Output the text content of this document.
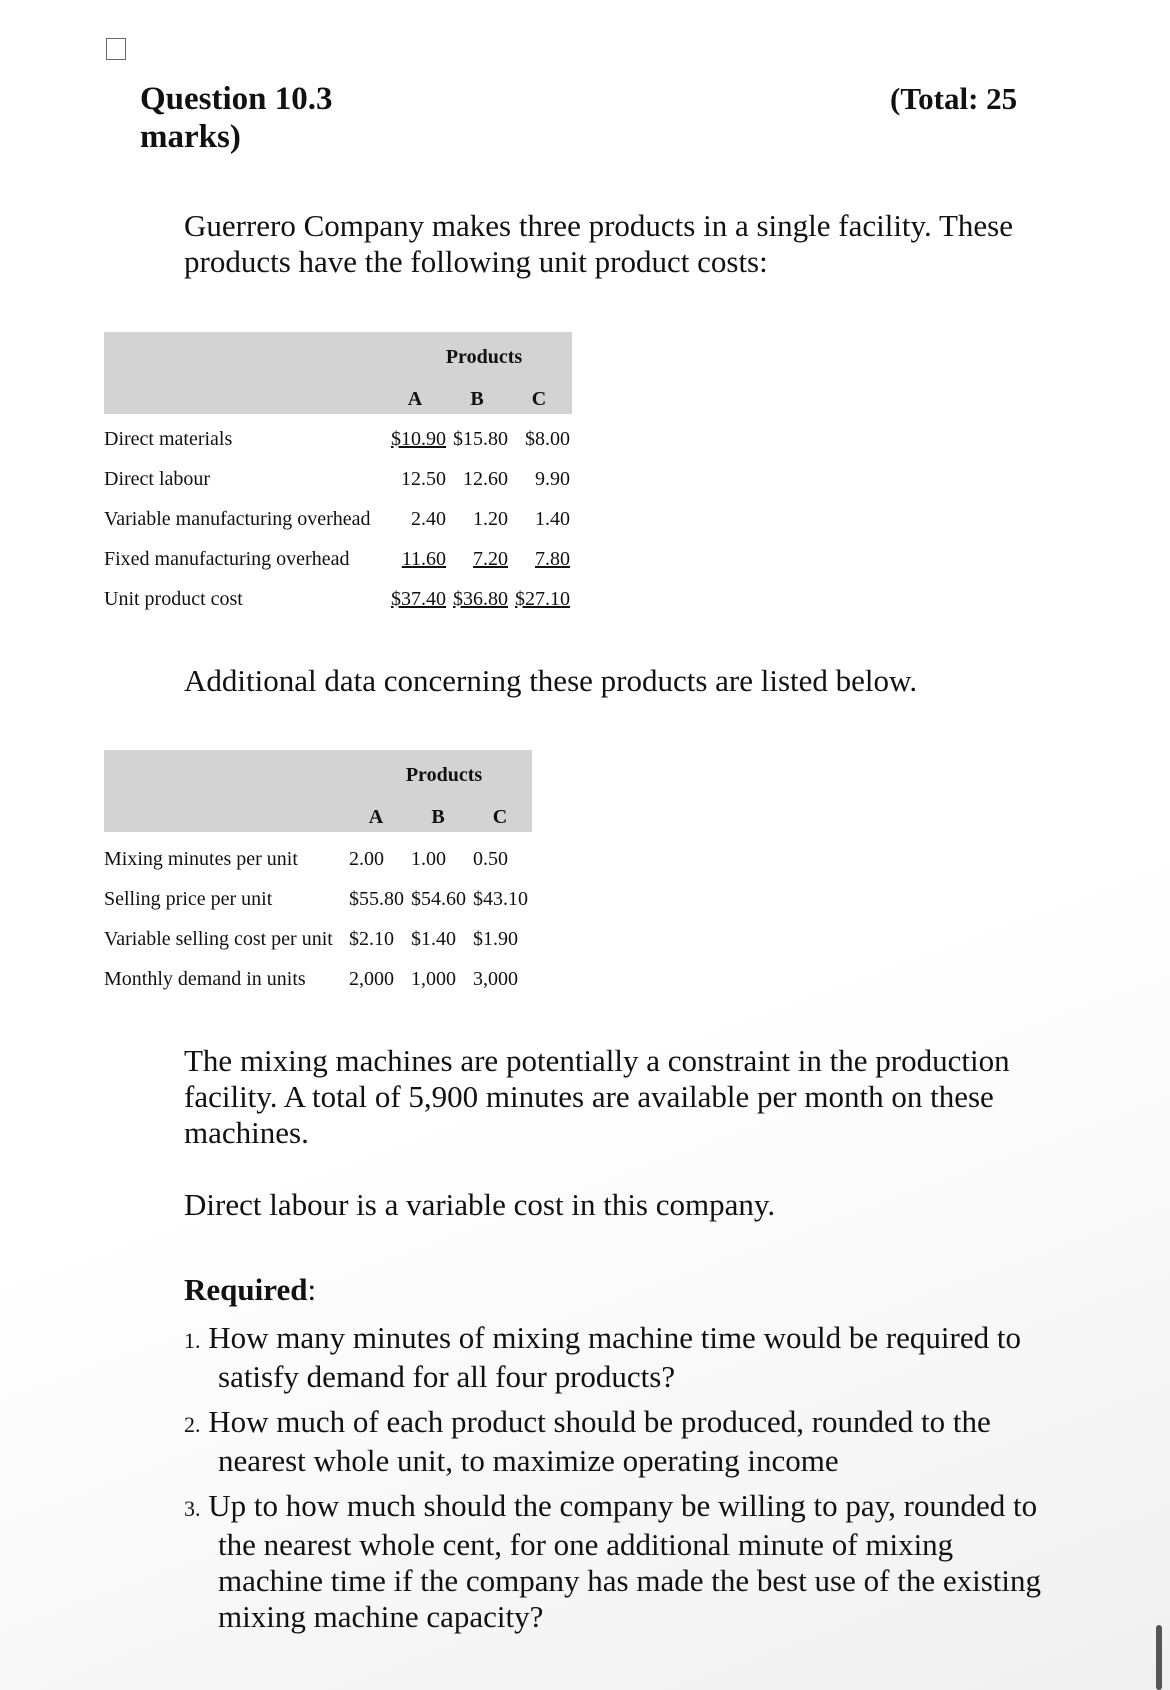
Question 10.3
marks)
(Total: 25
Guerrero Company makes three products in a single facility. These products have the following unit product costs:
Products
A B C
Direct materials	$10.90 $15.80 $8.00
Direct labour	12.50 12.60	9.90
Variable manufacturing overhead	2.40	1.20	1.40
Fixed manufacturing overhead	11.60	7.20	7.80
Unit product cost	$37.40 $36.80 $27.10
Additional data concerning these products are listed below.
Products
A B C
Mixing minutes per unit	2.00 1.00 0.50
Selling price per unit	$55.80 $54.60 $43.10
Variable selling cost per unit $2.10 $1.40 $1.90
Monthly demand in units 2,000 1,000 3,000
The mixing machines are potentially a constraint in the production facility. A total of 5,900 minutes are available per month on these machines.
Direct labour is a variable cost in this company.
Required:
1. How many minutes of mixing machine time would be required to
satisfy demand for all four products?
2. How much of each product should be produced, rounded to the
nearest whole unit, to maximize operating income
3. Up to how much should the company be willing to pay, rounded to
the nearest whole cent, for one additional minute of mixing machine time if the company has made the best use of the existing mixing machine capacity?
